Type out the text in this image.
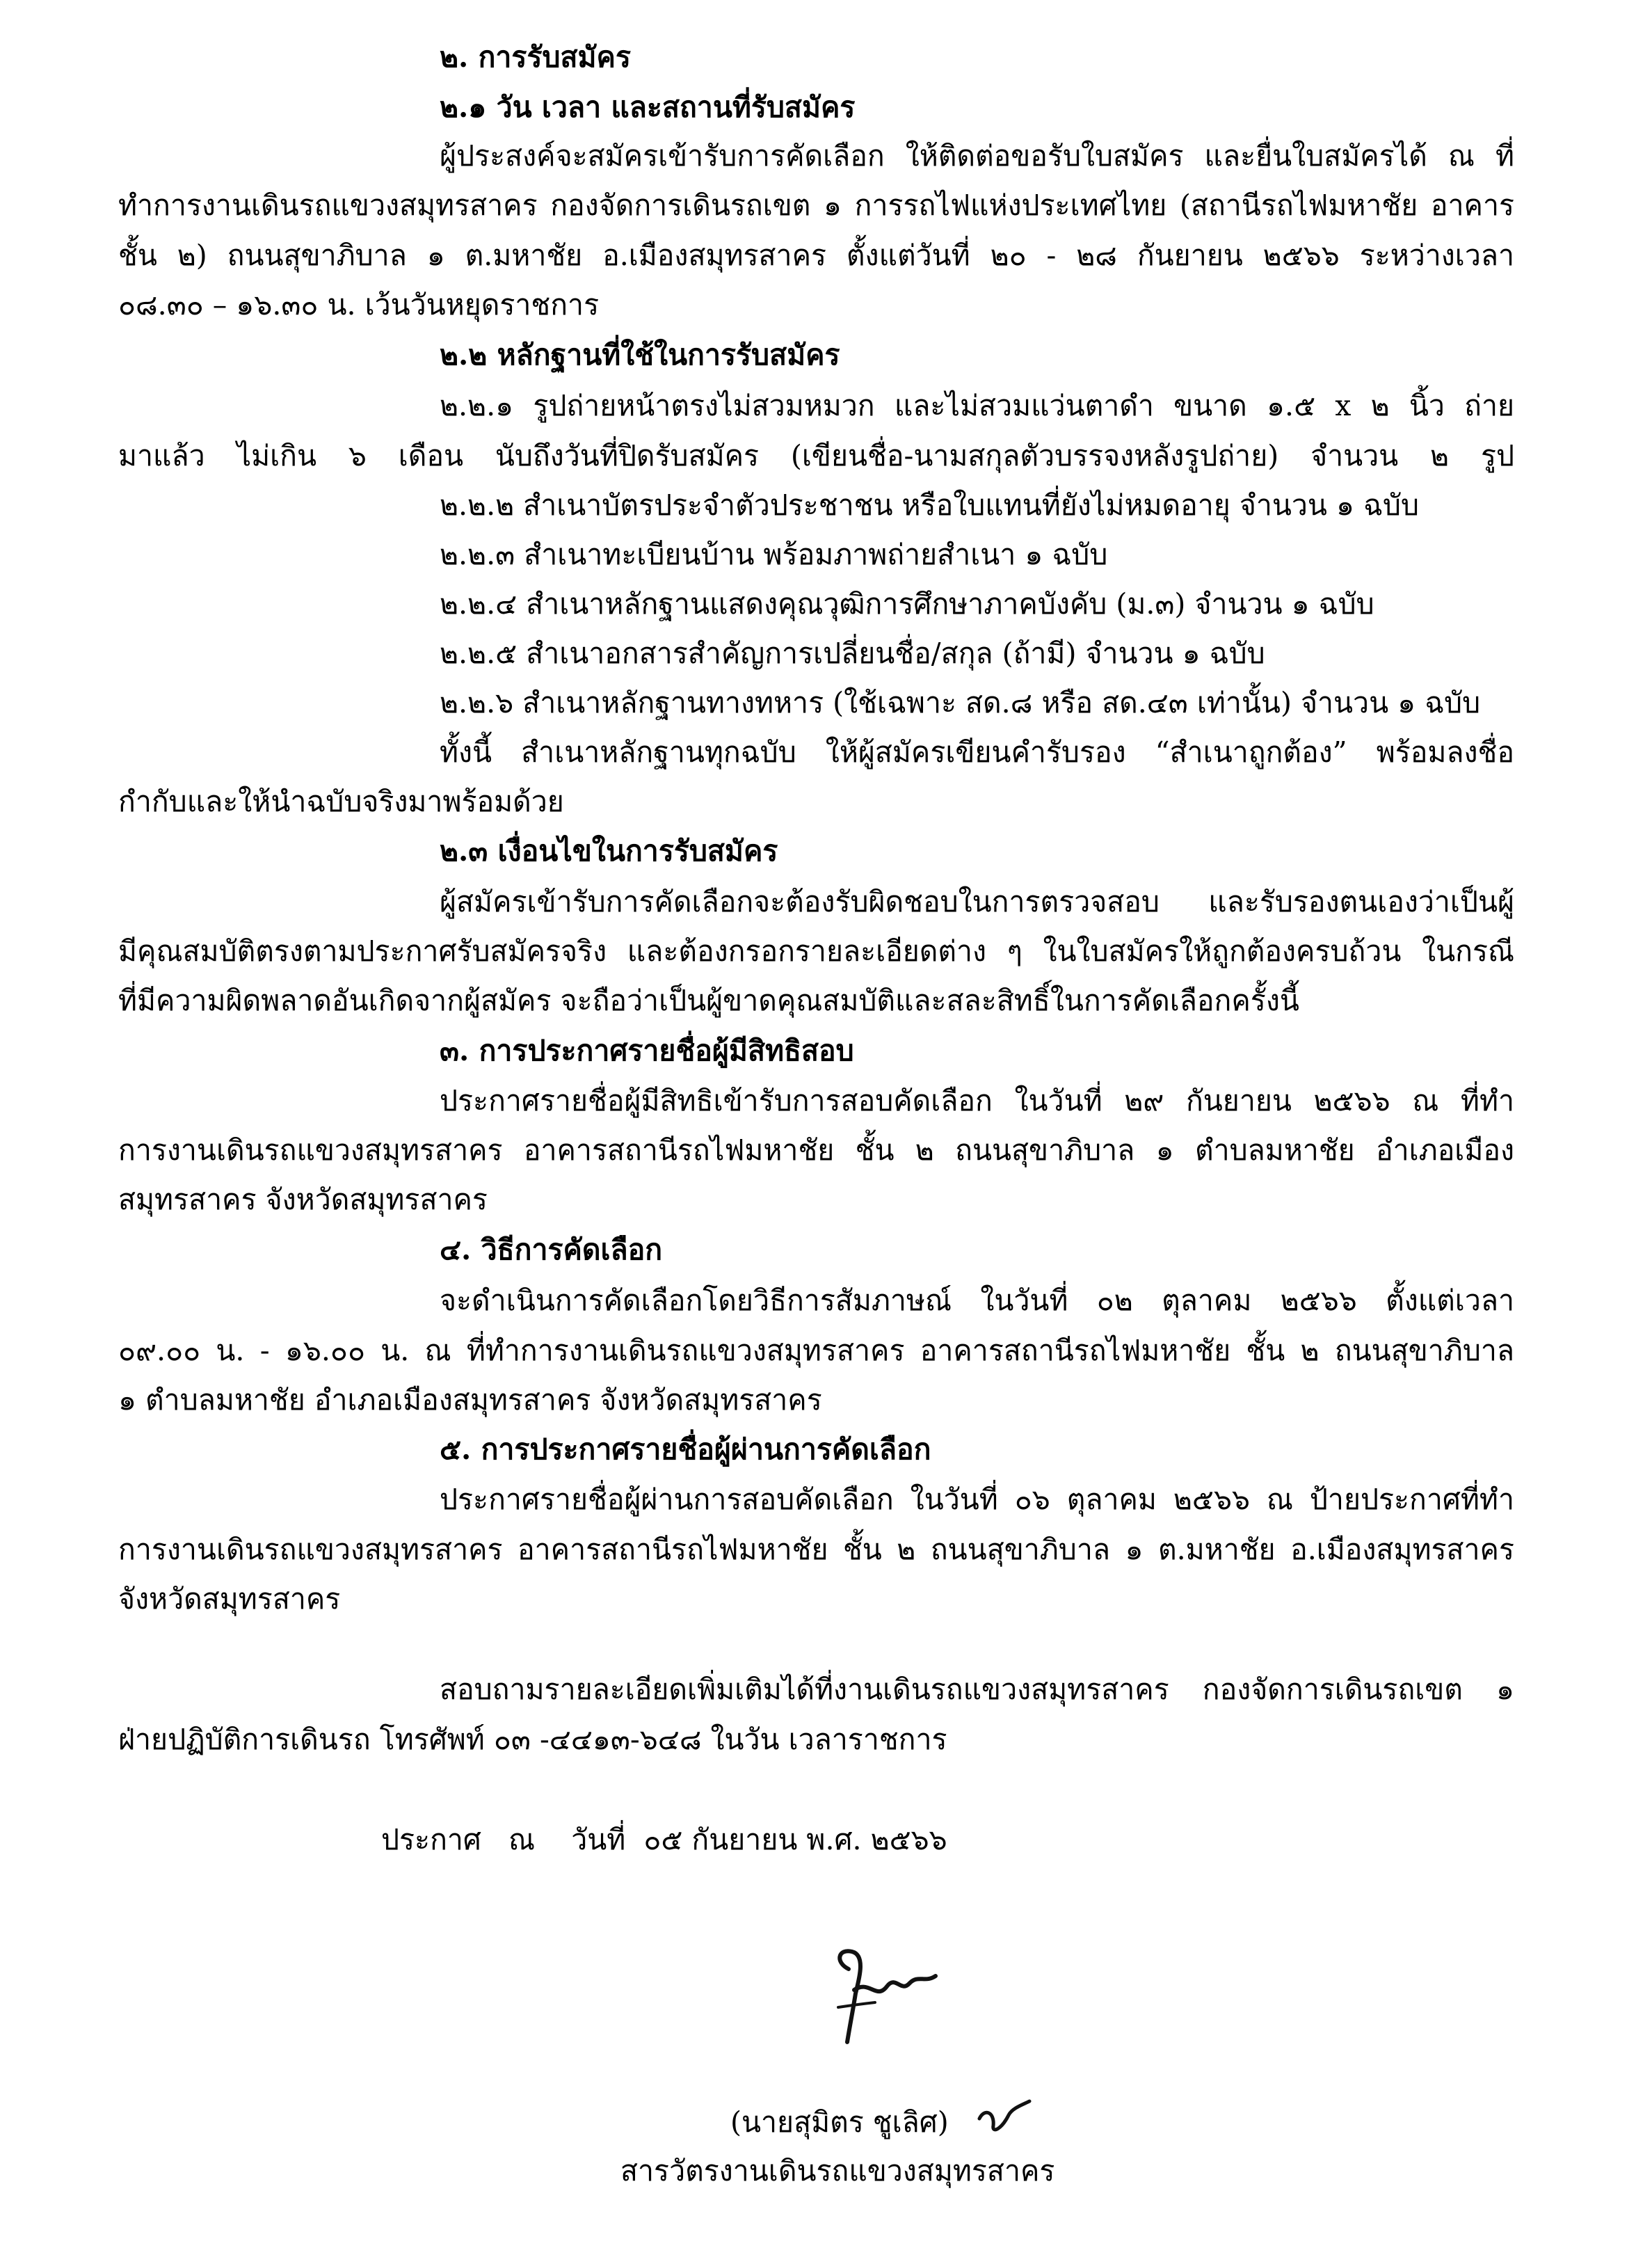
๒. การรับสมัคร
๒.๑ วัน เวลา และสถานที่รับสมัคร
ผู้ประสงค์จะสมัครเข้ารับการคัดเลือก ให้ติดต่อขอรับใบสมัคร และยื่นใบสมัครได้ ณ ที่
ทำการงานเดินรถแขวงสมุทรสาคร กองจัดการเดินรถเขต ๑ การรถไฟแห่งประเทศไทย (สถานีรถไฟมหาชัย อาคาร
ชั้น ๒) ถนนสุขาภิบาล ๑ ต.มหาชัย อ.เมืองสมุทรสาคร ตั้งแต่วันที่ ๒๐ - ๒๘ กันยายน ๒๕๖๖ ระหว่างเวลา
๐๘.๓๐ – ๑๖.๓๐ น. เว้นวันหยุดราชการ
๒.๒ หลักฐานที่ใช้ในการรับสมัคร
๒.๒.๑ รูปถ่ายหน้าตรงไม่สวมหมวก และไม่สวมแว่นตาดำ ขนาด ๑.๕ x ๒ นิ้ว ถ่าย
มาแล้ว ไม่เกิน ๖ เดือน นับถึงวันที่ปิดรับสมัคร (เขียนชื่อ-นามสกุลตัวบรรจงหลังรูปถ่าย) จำนวน ๒ รูป
๒.๒.๒ สำเนาบัตรประจำตัวประชาชน หรือใบแทนที่ยังไม่หมดอายุ จำนวน ๑ ฉบับ
๒.๒.๓ สำเนาทะเบียนบ้าน พร้อมภาพถ่ายสำเนา ๑ ฉบับ
๒.๒.๔ สำเนาหลักฐานแสดงคุณวุฒิการศึกษาภาคบังคับ (ม.๓) จำนวน ๑ ฉบับ
๒.๒.๕ สำเนาอกสารสำคัญการเปลี่ยนชื่อ/สกุล (ถ้ามี) จำนวน ๑ ฉบับ
๒.๒.๖ สำเนาหลักฐานทางทหาร (ใช้เฉพาะ สด.๘ หรือ สด.๔๓ เท่านั้น) จำนวน ๑ ฉบับ
ทั้งนี้ สำเนาหลักฐานทุกฉบับ ให้ผู้สมัครเขียนคำรับรอง “สำเนาถูกต้อง” พร้อมลงชื่อ
กำกับและให้นำฉบับจริงมาพร้อมด้วย
๒.๓ เงื่อนไขในการรับสมัคร
ผู้สมัครเข้ารับการคัดเลือกจะต้องรับผิดชอบในการตรวจสอบ และรับรองตนเองว่าเป็นผู้
มีคุณสมบัติตรงตามประกาศรับสมัครจริง และต้องกรอกรายละเอียดต่าง ๆ ในใบสมัครให้ถูกต้องครบถ้วน ในกรณี
ที่มีความผิดพลาดอันเกิดจากผู้สมัคร จะถือว่าเป็นผู้ขาดคุณสมบัติและสละสิทธิ์ในการคัดเลือกครั้งนี้
๓. การประกาศรายชื่อผู้มีสิทธิสอบ
ประกาศรายชื่อผู้มีสิทธิเข้ารับการสอบคัดเลือก ในวันที่ ๒๙ กันยายน ๒๕๖๖ ณ ที่ทำ
การงานเดินรถแขวงสมุทรสาคร อาคารสถานีรถไฟมหาชัย ชั้น ๒ ถนนสุขาภิบาล ๑ ตำบลมหาชัย อำเภอเมือง
สมุทรสาคร จังหวัดสมุทรสาคร
๔. วิธีการคัดเลือก
จะดำเนินการคัดเลือกโดยวิธีการสัมภาษณ์ ในวันที่ ๐๒ ตุลาคม ๒๕๖๖ ตั้งแต่เวลา
๐๙.๐๐ น. - ๑๖.๐๐ น. ณ ที่ทำการงานเดินรถแขวงสมุทรสาคร อาคารสถานีรถไฟมหาชัย ชั้น ๒ ถนนสุขาภิบาล
๑ ตำบลมหาชัย อำเภอเมืองสมุทรสาคร จังหวัดสมุทรสาคร
๕. การประกาศรายชื่อผู้ผ่านการคัดเลือก
ประกาศรายชื่อผู้ผ่านการสอบคัดเลือก ในวันที่ ๐๖ ตุลาคม ๒๕๖๖ ณ ป้ายประกาศที่ทำ
การงานเดินรถแขวงสมุทรสาคร อาคารสถานีรถไฟมหาชัย ชั้น ๒ ถนนสุขาภิบาล ๑ ต.มหาชัย อ.เมืองสมุทรสาคร
จังหวัดสมุทรสาคร
สอบถามรายละเอียดเพิ่มเติมได้ที่งานเดินรถแขวงสมุทรสาคร กองจัดการเดินรถเขต ๑
ฝ่ายปฏิบัติการเดินรถ โทรศัพท์ ๐๓ -๔๔๑๓-๖๔๘ ในวัน เวลาราชการ
ประกาศ   ณ    วันที่  ๐๕ กันยายน พ.ศ. ๒๕๖๖
(นายสุมิตร ชูเลิศ)
สารวัตรงานเดินรถแขวงสมุทรสาคร
